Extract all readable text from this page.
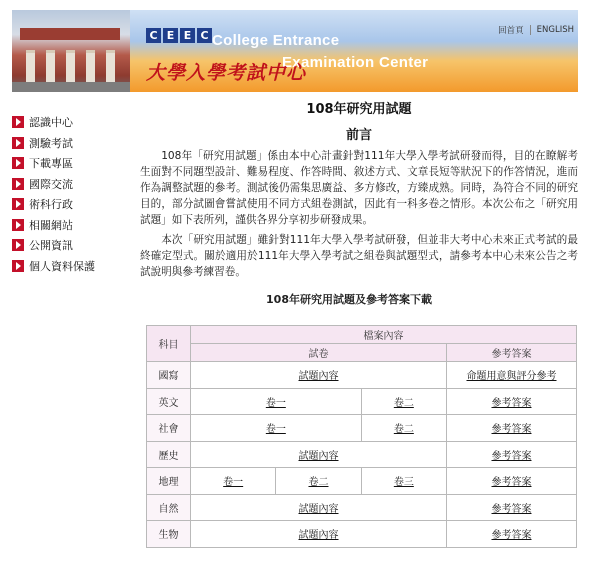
C E E C College Entrance
Examination Center
大學入學考試中心
回首頁 ENGLISH
認識中心
測驗考試
下載專區
國際交流
術科行政
相關網站
公開資訊
個人資料保護
108年研究用試題
前言

108年「研究用試題」係由本中心計畫針對111年大學入學考試研發而得，目的在瞭解考生面對不同題型設計、難易程度、作答時間、敘述方式、文章長短等狀況下的作答情況，進而作為調整試題的參考。測試後仍需集思廣益、多方修改，方臻成熟。同時，為符合不同的研究目的，部分試圖會嘗試使用不同方式組卷測試，因此有一科多卷之情形。本次公布之「研究用試題」如下表所列，謹供各界分享初步研發成果。

本次「研究用試題」雖針對111年大學入學考試研發，但並非大考中心未來正式考試的最終確定型式。關於適用於111年大學入學考試之組卷與試題型式，請參考本中心未來公告之考試說明與參考練習卷。

108年研究用試題及參考答案下載
科目	檔案內容			
	試卷			參考答案
國寫	試題內容			命題用意與評分參考
英文	卷一		卷二	參考答案
社會	卷一		卷二	參考答案
歷史	試題內容			參考答案
地理	卷一	卷二	卷三	參考答案
自然	試題內容			參考答案
生物	試題內容			參考答案
